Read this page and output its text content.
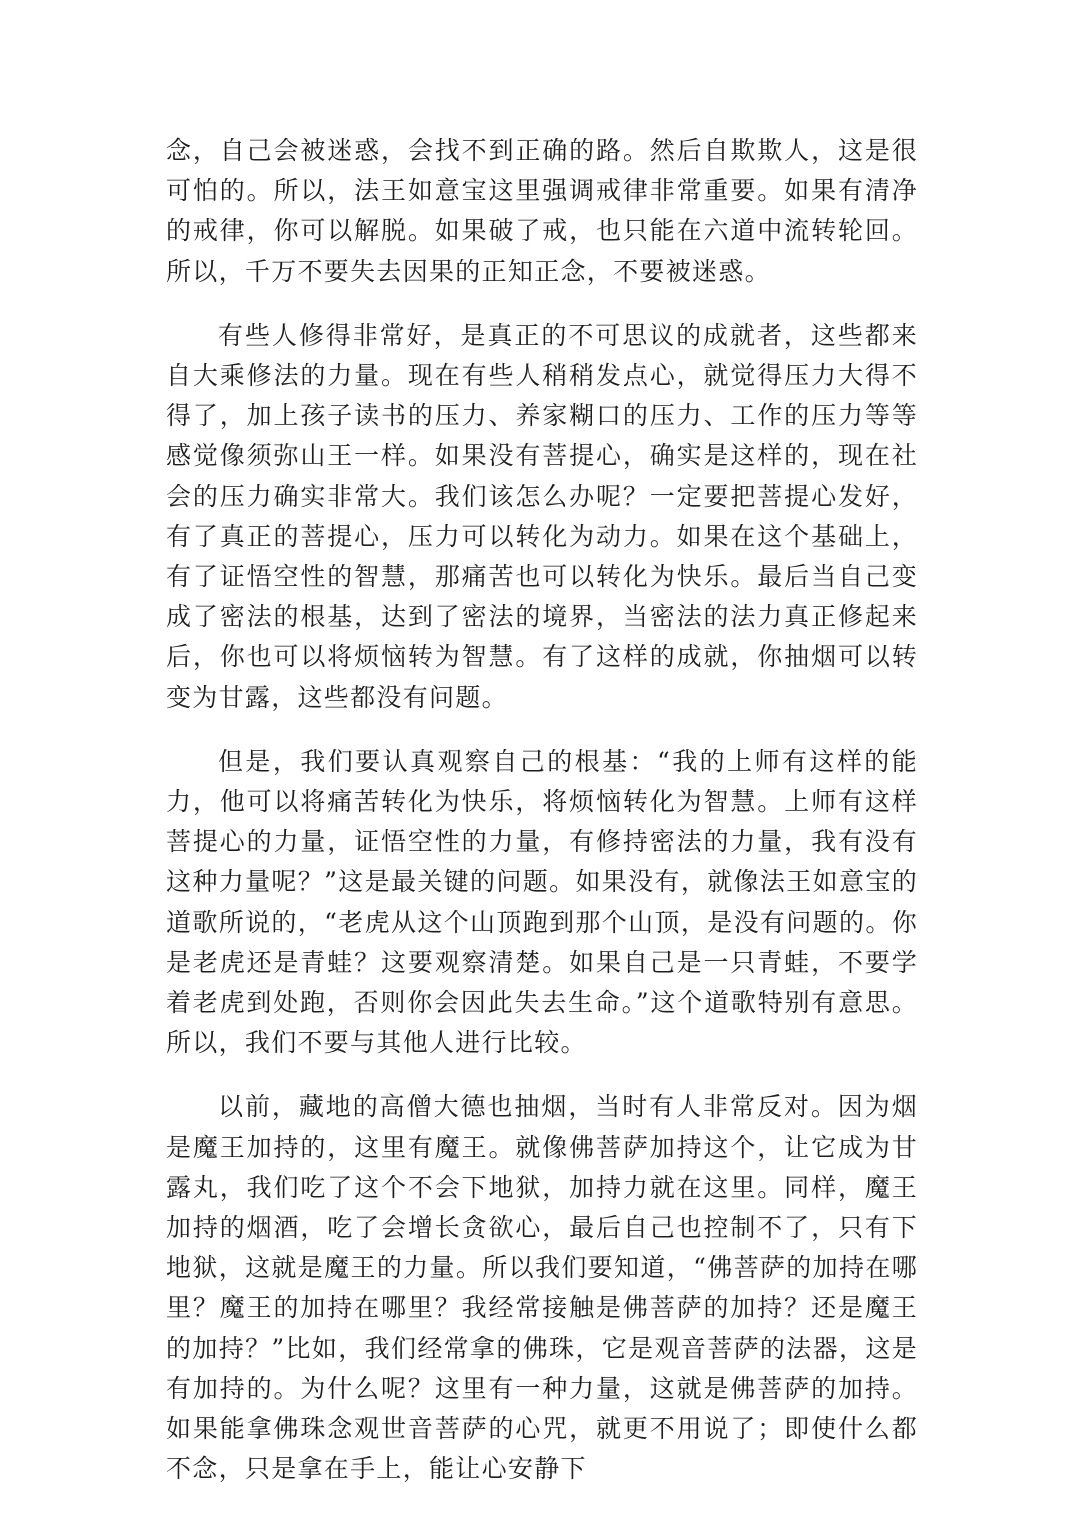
念，自己会被迷惑，会找不到正确的路。然后自欺欺人，这是很可怕的。所以，法王如意宝这里强调戒律非常重要。如果有清净的戒律，你可以解脱。如果破了戒，也只能在六道中流转轮回。所以，千万不要失去因果的正知正念，不要被迷惑。

有些人修得非常好，是真正的不可思议的成就者，这些都来自大乘修法的力量。现在有些人稍稍发点心，就觉得压力大得不得了，加上孩子读书的压力、养家糊口的压力、工作的压力等等感觉像须弥山王一样。如果没有菩提心，确实是这样的，现在社会的压力确实非常大。我们该怎么办呢？一定要把菩提心发好，有了真正的菩提心，压力可以转化为动力。如果在这个基础上，有了证悟空性的智慧，那痛苦也可以转化为快乐。最后当自己变成了密法的根基，达到了密法的境界，当密法的法力真正修起来后，你也可以将烦恼转为智慧。有了这样的成就，你抽烟可以转变为甘露，这些都没有问题。

但是，我们要认真观察自己的根基：“我的上师有这样的能力，他可以将痛苦转化为快乐，将烦恼转化为智慧。上师有这样菩提心的力量，证悟空性的力量，有修持密法的力量，我有没有这种力量呢？”这是最关键的问题。如果没有，就像法王如意宝的道歌所说的，“老虎从这个山顶跑到那个山顶，是没有问题的。你是老虎还是青蛙？这要观察清楚。如果自己是一只青蛙，不要学着老虎到处跑，否则你会因此失去生命。”这个道歌特别有意思。所以，我们不要与其他人进行比较。

以前，藏地的高僧大德也抽烟，当时有人非常反对。因为烟是魔王加持的，这里有魔王。就像佛菩萨加持这个，让它成为甘露丸，我们吃了这个不会下地狱，加持力就在这里。同样，魔王加持的烟酒，吃了会增长贪欲心，最后自己也控制不了，只有下地狱，这就是魔王的力量。所以我们要知道，“佛菩萨的加持在哪里？魔王的加持在哪里？我经常接触是佛菩萨的加持？还是魔王的加持？”比如，我们经常拿的佛珠，它是观音菩萨的法器，这是有加持的。为什么呢？这里有一种力量，这就是佛菩萨的加持。如果能拿佛珠念观世音菩萨的心咒，就更不用说了；即使什么都不念，只是拿在手上，能让心安静下
